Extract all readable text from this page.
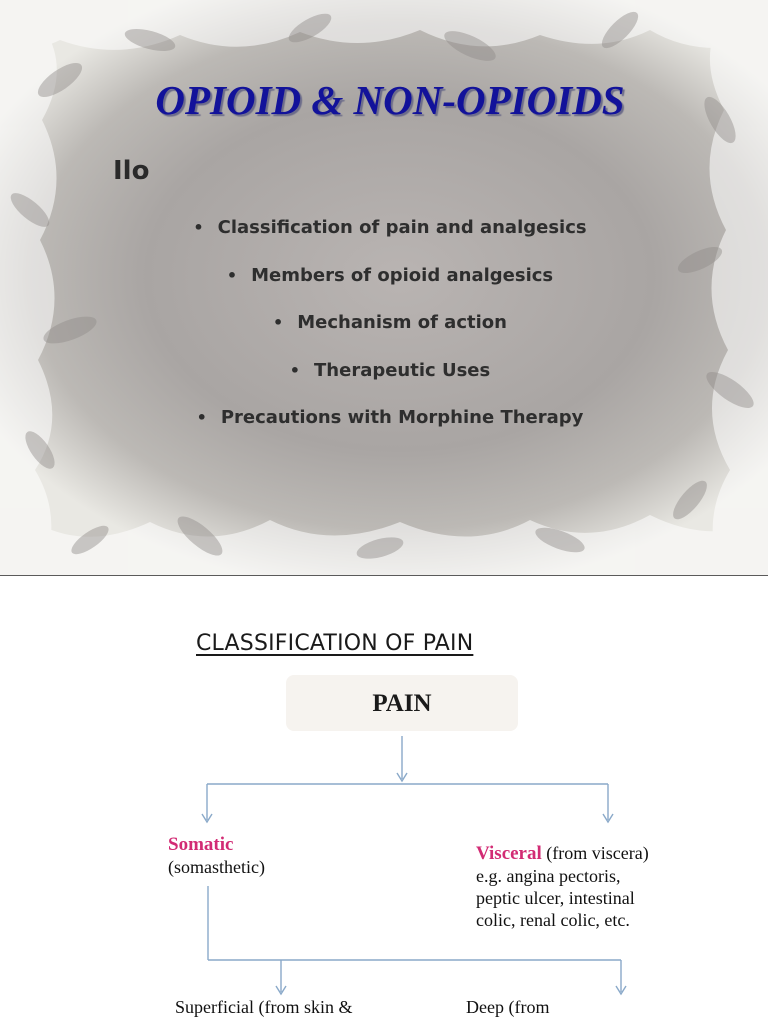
OPIOID & NON-OPIOIDS
Ilo
• Classification of pain and analgesics
• Members of opioid analgesics
• Mechanism of action
• Therapeutic Uses
• Precautions with Morphine Therapy
CLASSIFICATION OF PAIN
PAIN
Somatic
(somasthetic)
Visceral (from viscera)
e.g. angina pectoris,
peptic ulcer, intestinal
colic, renal colic, etc.
Superficial (from skin &	Deep (from
